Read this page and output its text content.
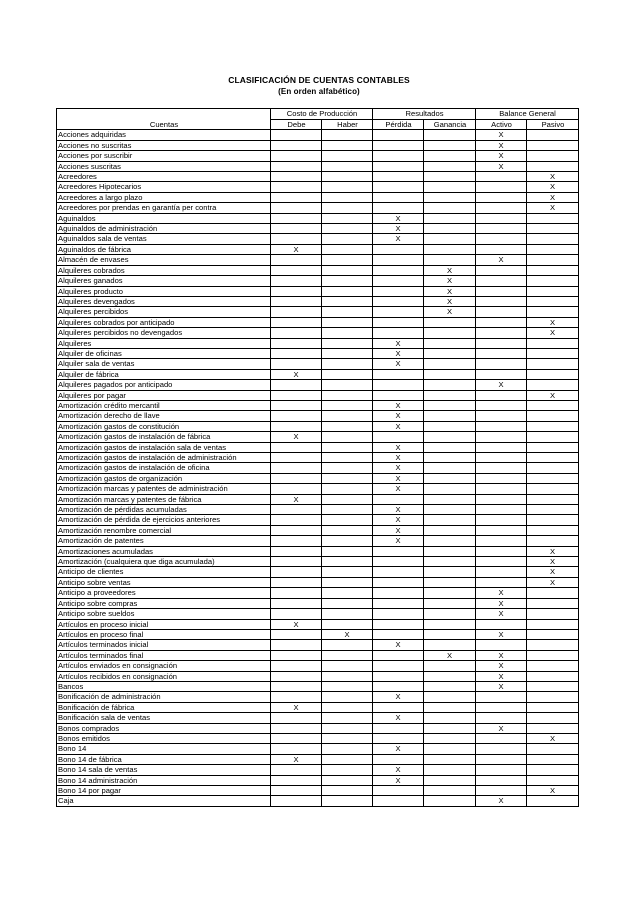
CLASIFICACIÓN DE CUENTAS CONTABLES
(En orden alfabético)
	Costo de Producción		Resultados		Balance General	
Cuentas	Debe	Haber	Pérdida	Ganancia	Activo	Pasivo
Acciones adquiridas					X	
Acciones no suscritas					X	
Acciones por suscribir					X	
Acciones suscritas					X	
Acreedores						X
Acreedores Hipotecarios						X
Acreedores a largo plazo						X
Acreedores por prendas en garantía per contra						X
Aguinaldos			X			
Aguinaldos de administración			X			
Aguinaldos sala de ventas			X			
Aguinaldos de fábrica	X					
Almacén de envases					X	
Alquileres cobrados				X		
Alquileres ganados				X		
Alquileres producto				X		
Alquileres devengados				X		
Alquileres percibidos				X		
Alquileres cobrados por anticipado						X
Alquileres percibidos no devengados						X
Alquileres			X			
Alquiler de oficinas			X			
Alquiler sala de ventas			X			
Alquiler de fábrica	X					
Alquileres pagados por anticipado					X	
Alquileres por pagar						X
Amortización crédito mercantil			X			
Amortización derecho de llave			X			
Amortización gastos de constitución			X			
Amortización gastos de instalación de fábrica	X					
Amortización gastos de instalación sala de ventas			X			
Amortización gastos de instalación de administración			X			
Amortización gastos de instalación de oficina			X			
Amortización gastos de organización			X			
Amortización marcas y patentes de administración			X			
Amortización marcas y patentes de fábrica	X					
Amortización de pérdidas acumuladas			X			
Amortización de pérdida de ejercicios anteriores			X			
Amortización renombre comercial			X			
Amortización de patentes			X			
Amortizaciones acumuladas						X
Amortización (cualquiera que diga acumulada)						X
Anticipo de clientes						X
Anticipo sobre ventas						X
Anticipo a proveedores					X	
Anticipo sobre compras					X	
Anticipo sobre sueldos					X	
Artículos en proceso inicial	X					
Artículos en proceso final		X			X	
Artículos terminados inicial			X			
Artículos terminados final				X	X	
Artículos enviados en consignación					X	
Artículos recibidos en consignación					X	
Bancos					X	
Bonificación de administración			X			
Bonificación de fábrica	X					
Bonificación sala de ventas			X			
Bonos comprados					X	
Bonos emitidos						X
Bono 14			X			
Bono 14 de fábrica	X					
Bono 14 sala de ventas			X			
Bono 14 administración			X			
Bono 14 por pagar						X
Caja					X	
